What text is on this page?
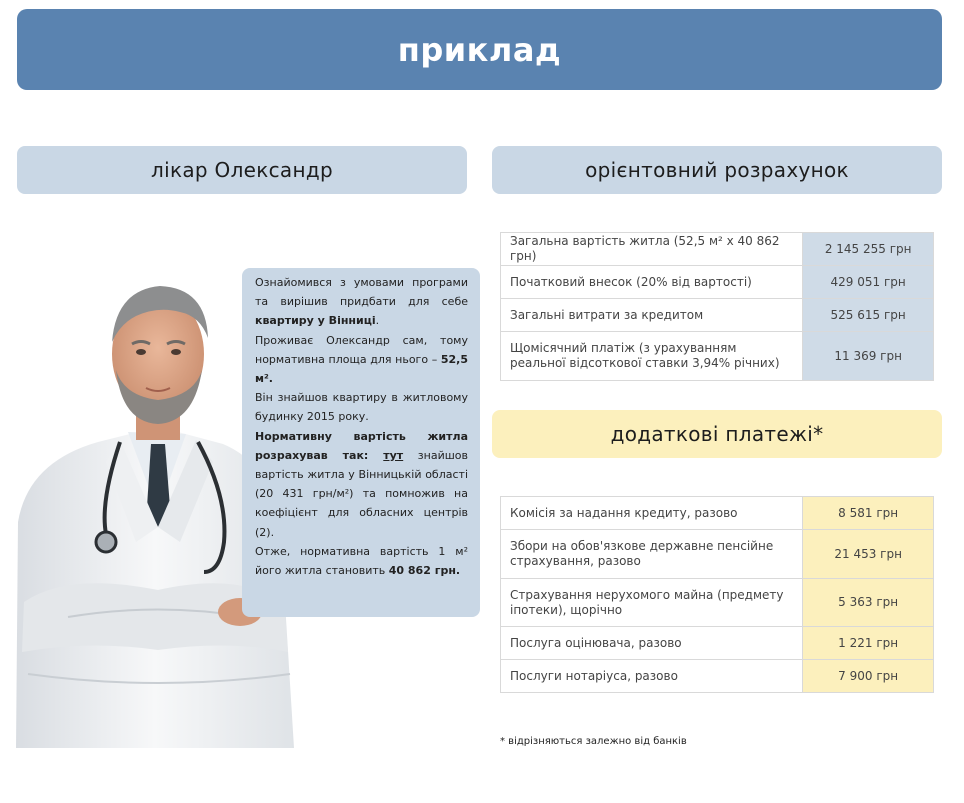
приклад
лікар Олександр	орієнтовний розрахунок

Ознайомився з умовами програми та вирішив придбати для себе квартиру у Вінниці.

Проживає Олександр сам, тому нормативна площа для нього – 52,5 м².

Він знайшов квартиру в житловому будинку 2015 року.

Нормативну вартість житла розрахував так: тут знайшов вартість житла у Вінницькій області (20 431 грн/м²) та помножив на коефіцієнт для обласних центрів (2).

Отже, нормативна вартість 1 м² його житла становить 40 862 грн.

Загальна вартість житла (52,5 м² х 40 862 грн)	2 145 255 грн
Початковий внесок (20% від вартості)	429 051 грн
Загальні витрати за кредитом	525 615 грн
Щомісячний платіж (з урахуванням реальної відсоткової ставки 3,94% річних)	11 369 грн
додаткові платежі*
Комісія за надання кредиту, разово	8 581 грн
Збори на обов'язкове державне пенсійне страхування, разово	21 453 грн
Страхування нерухомого майна (предмету іпотеки), щорічно	5 363 грн
Послуга оцінювача, разово	1 221 грн
Послуги нотаріуса, разово	7 900 грн
* відрізняються залежно від банків
